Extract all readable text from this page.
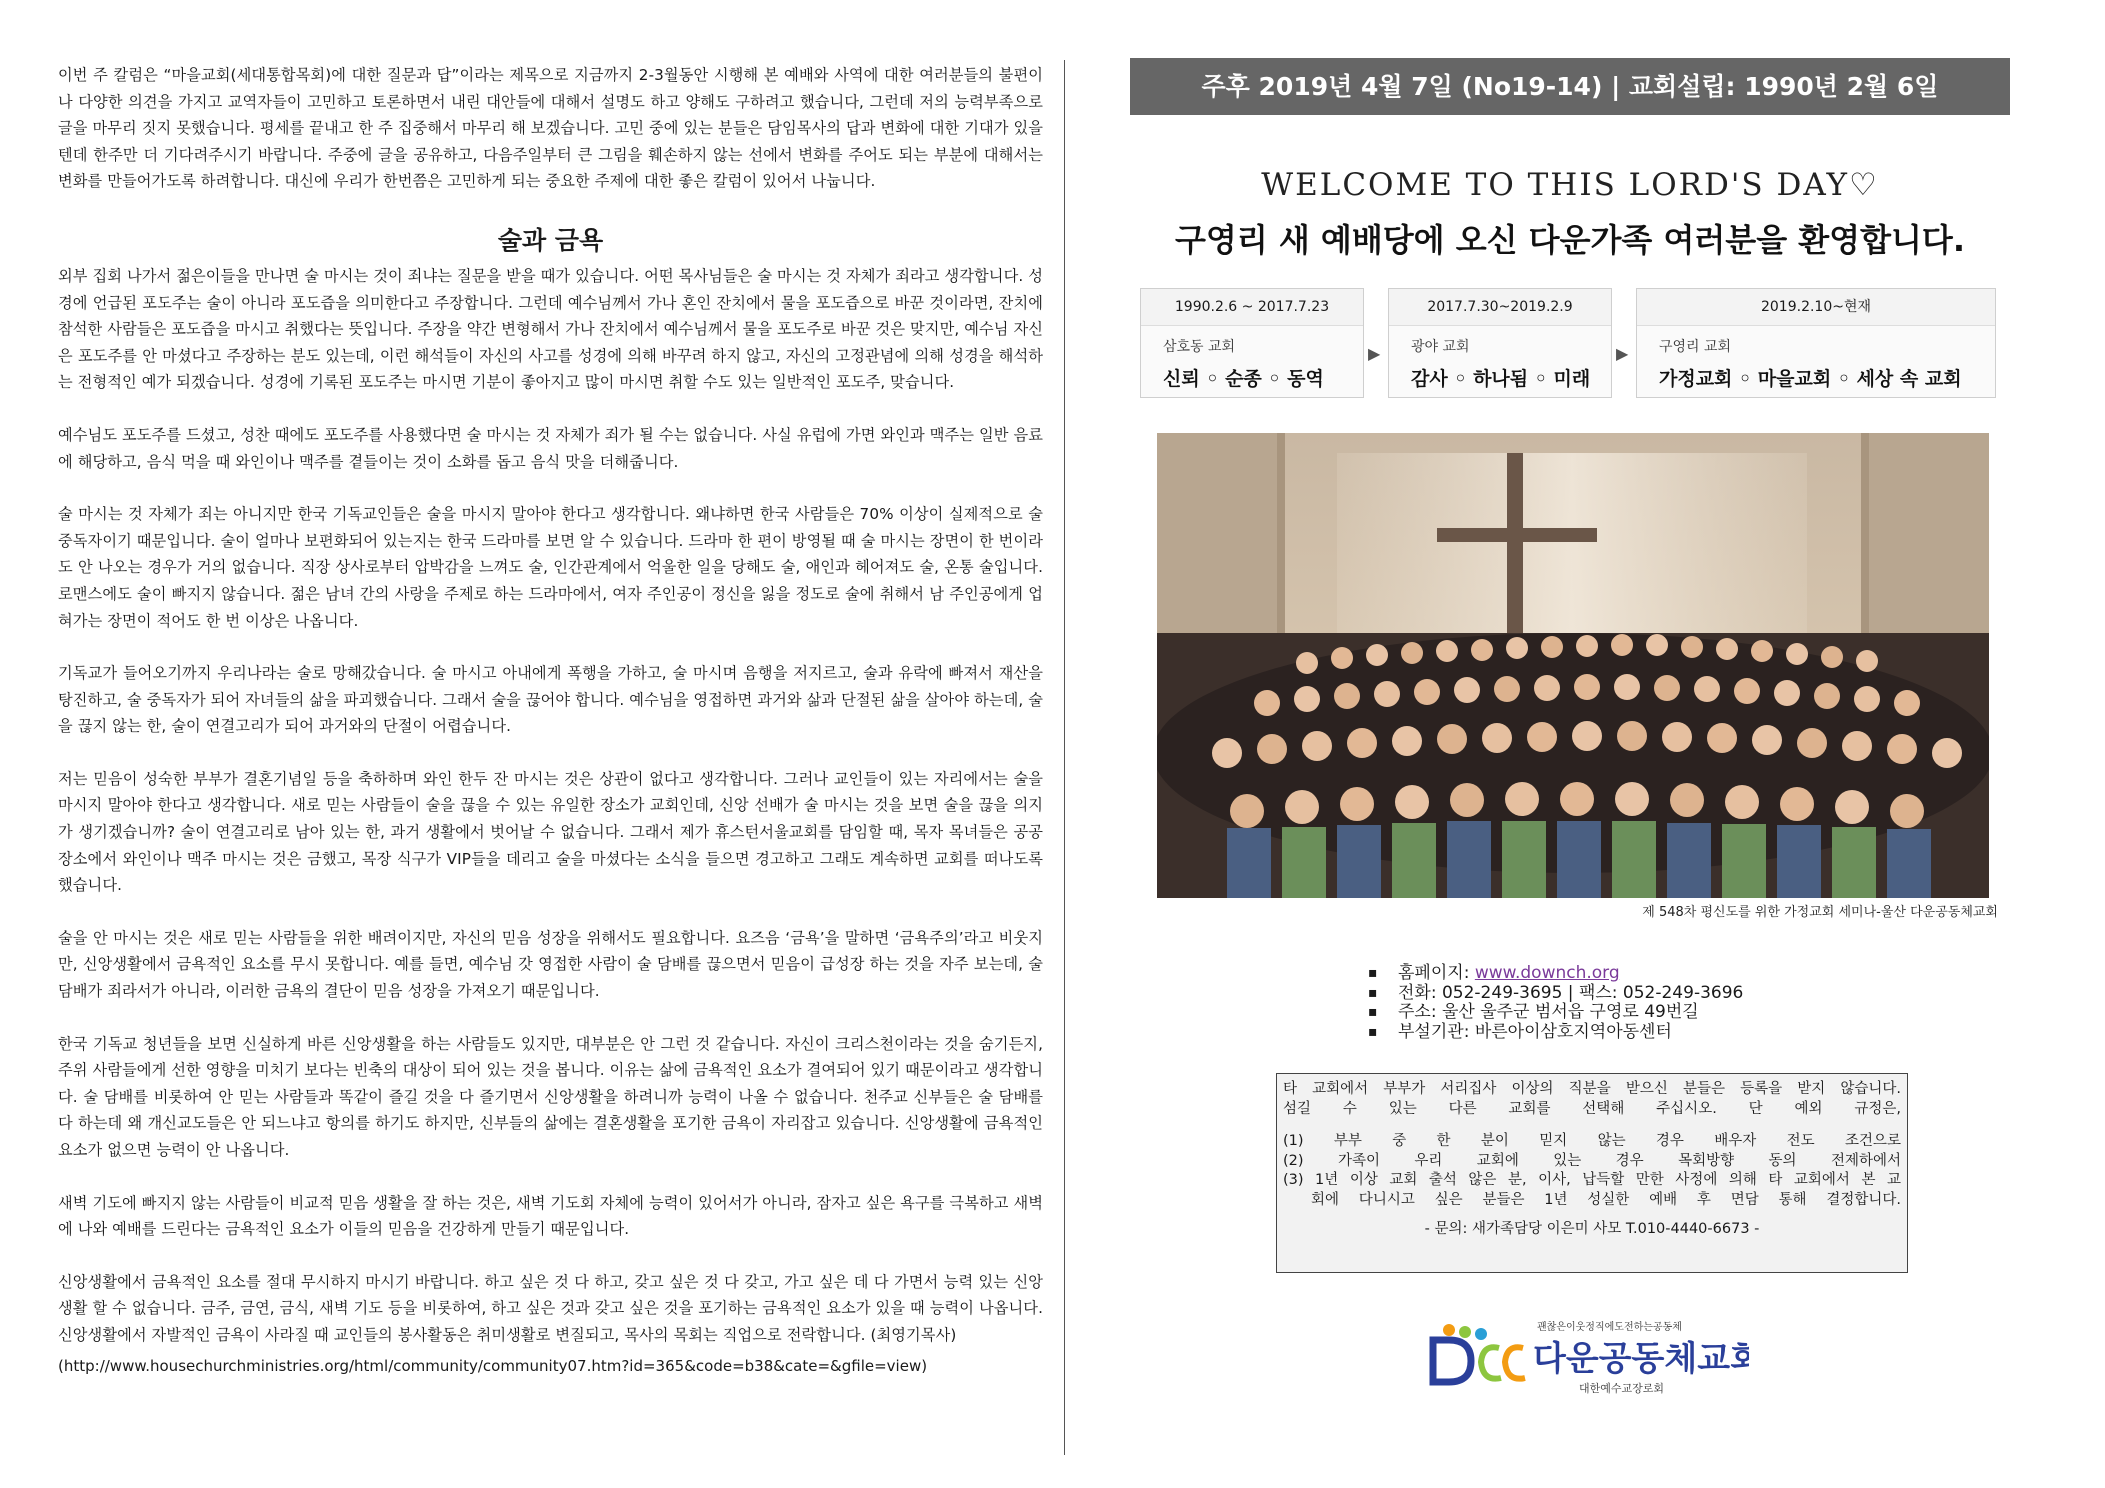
이번 주 칼럼은 “마을교회(세대통합목회)에 대한 질문과 답”이라는 제목으로 지금까지 2-3월동안 시행해 본 예배와 사역에 대한 여러분들의 불편이나 다양한 의견을 가지고 교역자들이 고민하고 토론하면서 내린 대안들에 대해서 설명도 하고 양해도 구하려고 했습니다, 그런데 저의 능력부족으로 글을 마무리 짓지 못했습니다. 평세를 끝내고 한 주 집중해서 마무리 해 보겠습니다. 고민 중에 있는 분들은 담임목사의 답과 변화에 대한 기대가 있을텐데 한주만 더 기다려주시기 바랍니다. 주중에 글을 공유하고, 다음주일부터 큰 그림을 훼손하지 않는 선에서 변화를 주어도 되는 부분에 대해서는 변화를 만들어가도록 하려합니다. 대신에 우리가 한번쯤은 고민하게 되는 중요한 주제에 대한 좋은 칼럼이 있어서 나눕니다.

술과 금욕

외부 집회 나가서 젊은이들을 만나면 술 마시는 것이 죄냐는 질문을 받을 때가 있습니다. 어떤 목사님들은 술 마시는 것 자체가 죄라고 생각합니다. 성경에 언급된 포도주는 술이 아니라 포도즙을 의미한다고 주장합니다. 그런데 예수님께서 가나 혼인 잔치에서 물을 포도즙으로 바꾼 것이라면, 잔치에 참석한 사람들은 포도즙을 마시고 취했다는 뜻입니다. 주장을 약간 변형해서 가나 잔치에서 예수님께서 물을 포도주로 바꾼 것은 맞지만, 예수님 자신은 포도주를 안 마셨다고 주장하는 분도 있는데, 이런 해석들이 자신의 사고를 성경에 의해 바꾸려 하지 않고, 자신의 고정관념에 의해 성경을 해석하는 전형적인 예가 되겠습니다. 성경에 기록된 포도주는 마시면 기분이 좋아지고 많이 마시면 취할 수도 있는 일반적인 포도주, 맞습니다.

예수님도 포도주를 드셨고, 성찬 때에도 포도주를 사용했다면 술 마시는 것 자체가 죄가 될 수는 없습니다. 사실 유럽에 가면 와인과 맥주는 일반 음료에 해당하고, 음식 먹을 때 와인이나 맥주를 곁들이는 것이 소화를 돕고 음식 맛을 더해줍니다.

술 마시는 것 자체가 죄는 아니지만 한국 기독교인들은 술을 마시지 말아야 한다고 생각합니다. 왜냐하면 한국 사람들은 70% 이상이 실제적으로 술 중독자이기 때문입니다. 술이 얼마나 보편화되어 있는지는 한국 드라마를 보면 알 수 있습니다. 드라마 한 편이 방영될 때 술 마시는 장면이 한 번이라도 안 나오는 경우가 거의 없습니다. 직장 상사로부터 압박감을 느껴도 술, 인간관계에서 억울한 일을 당해도 술, 애인과 헤어져도 술, 온통 술입니다. 로맨스에도 술이 빠지지 않습니다. 젊은 남녀 간의 사랑을 주제로 하는 드라마에서, 여자 주인공이 정신을 잃을 정도로 술에 취해서 남 주인공에게 업혀가는 장면이 적어도 한 번 이상은 나옵니다.

기독교가 들어오기까지 우리나라는 술로 망해갔습니다. 술 마시고 아내에게 폭행을 가하고, 술 마시며 음행을 저지르고, 술과 유락에 빠져서 재산을 탕진하고, 술 중독자가 되어 자녀들의 삶을 파괴했습니다. 그래서 술을 끊어야 합니다. 예수님을 영접하면 과거와 삶과 단절된 삶을 살아야 하는데, 술을 끊지 않는 한, 술이 연결고리가 되어 과거와의 단절이 어렵습니다.

저는 믿음이 성숙한 부부가 결혼기념일 등을 축하하며 와인 한두 잔 마시는 것은 상관이 없다고 생각합니다. 그러나 교인들이 있는 자리에서는 술을 마시지 말아야 한다고 생각합니다. 새로 믿는 사람들이 술을 끊을 수 있는 유일한 장소가 교회인데, 신앙 선배가 술 마시는 것을 보면 술을 끊을 의지가 생기겠습니까? 술이 연결고리로 남아 있는 한, 과거 생활에서 벗어날 수 없습니다. 그래서 제가 휴스턴서울교회를 담임할 때, 목자 목녀들은 공공장소에서 와인이나 맥주 마시는 것은 금했고, 목장 식구가 VIP들을 데리고 술을 마셨다는 소식을 들으면 경고하고 그래도 계속하면 교회를 떠나도록 했습니다.

술을 안 마시는 것은 새로 믿는 사람들을 위한 배려이지만, 자신의 믿음 성장을 위해서도 필요합니다. 요즈음 ‘금욕’을 말하면 ‘금욕주의’라고 비웃지만, 신앙생활에서 금욕적인 요소를 무시 못합니다. 예를 들면, 예수님 갓 영접한 사람이 술 담배를 끊으면서 믿음이 급성장 하는 것을 자주 보는데, 술 담배가 죄라서가 아니라, 이러한 금욕의 결단이 믿음 성장을 가져오기 때문입니다.

한국 기독교 청년들을 보면 신실하게 바른 신앙생활을 하는 사람들도 있지만, 대부분은 안 그런 것 같습니다. 자신이 크리스천이라는 것을 숨기든지, 주위 사람들에게 선한 영향을 미치기 보다는 빈축의 대상이 되어 있는 것을 봅니다. 이유는 삶에 금욕적인 요소가 결여되어 있기 때문이라고 생각합니다. 술 담배를 비롯하여 안 믿는 사람들과 똑같이 즐길 것을 다 즐기면서 신앙생활을 하려니까 능력이 나올 수 없습니다. 천주교 신부들은 술 담배를 다 하는데 왜 개신교도들은 안 되느냐고 항의를 하기도 하지만, 신부들의 삶에는 결혼생활을 포기한 금욕이 자리잡고 있습니다. 신앙생활에 금욕적인 요소가 없으면 능력이 안 나옵니다.

새벽 기도에 빠지지 않는 사람들이 비교적 믿음 생활을 잘 하는 것은, 새벽 기도회 자체에 능력이 있어서가 아니라, 잠자고 싶은 욕구를 극복하고 새벽에 나와 예배를 드린다는 금욕적인 요소가 이들의 믿음을 건강하게 만들기 때문입니다.

신앙생활에서 금욕적인 요소를 절대 무시하지 마시기 바랍니다. 하고 싶은 것 다 하고, 갖고 싶은 것 다 갖고, 가고 싶은 데 다 가면서 능력 있는 신앙생활 할 수 없습니다. 금주, 금연, 금식, 새벽 기도 등을 비롯하여, 하고 싶은 것과 갖고 싶은 것을 포기하는 금욕적인 요소가 있을 때 능력이 나옵니다. 신앙생활에서 자발적인 금욕이 사라질 때 교인들의 봉사활동은 취미생활로 변질되고, 목사의 목회는 직업으로 전락합니다. (최영기목사)

(http://www.housechurchministries.org/html/community/community07.htm?id=365&code=b38&cate=&gfile=view)
주후 2019년 4월 7일 (No19-14) | 교회설립: 1990년 2월 6일
WELCOME TO THIS LORD'S DAY♡
구영리 새 예배당에 오신 다운가족 여러분을 환영합니다.
1990.2.6 ~ 2017.7.23
삼호동 교회
신뢰 ◦ 순종 ◦ 동역
▶
2017.7.30~2019.2.9
광야 교회
감사 ◦ 하나됨 ◦ 미래
▶
2019.2.10~현재
구영리 교회
가정교회 ◦ 마을교회 ◦ 세상 속 교회
제 548차 평신도를 위한 가정교회 세미나-울산 다운공동체교회
▪ 홈페이지: www.downch.org
▪ 전화: 052-249-3695 | 팩스: 052-249-3696
▪ 주소: 울산 울주군 범서읍 구영로 49번길
▪ 부설기관: 바른아이삼호지역아동센터
타 교회에서 부부가 서리집사 이상의 직분을 받으신 분들은 등록을 받지 않습니다.
섬길 수 있는 다른 교회를 선택해 주십시오. 단 예외 규정은,
(1) 부부 중 한 분이 믿지 않는 경우 배우자 전도 조건으로
(2) 가족이 우리 교회에 있는 경우 목회방향 동의 전제하에서
(3) 1년 이상 교회 출석 않은 분, 이사, 납득할 만한 사정에 의해 타 교회에서 본 교
회에 다니시고 싶은 분들은 1년 성실한 예배 후 면담 통해 결정합니다.
- 문의: 새가족담당 이은미 사모 T.010-4440-6673 -
괜찮은이웃정직에도전하는공동체
다운공동체교회
대한예수교장로회
